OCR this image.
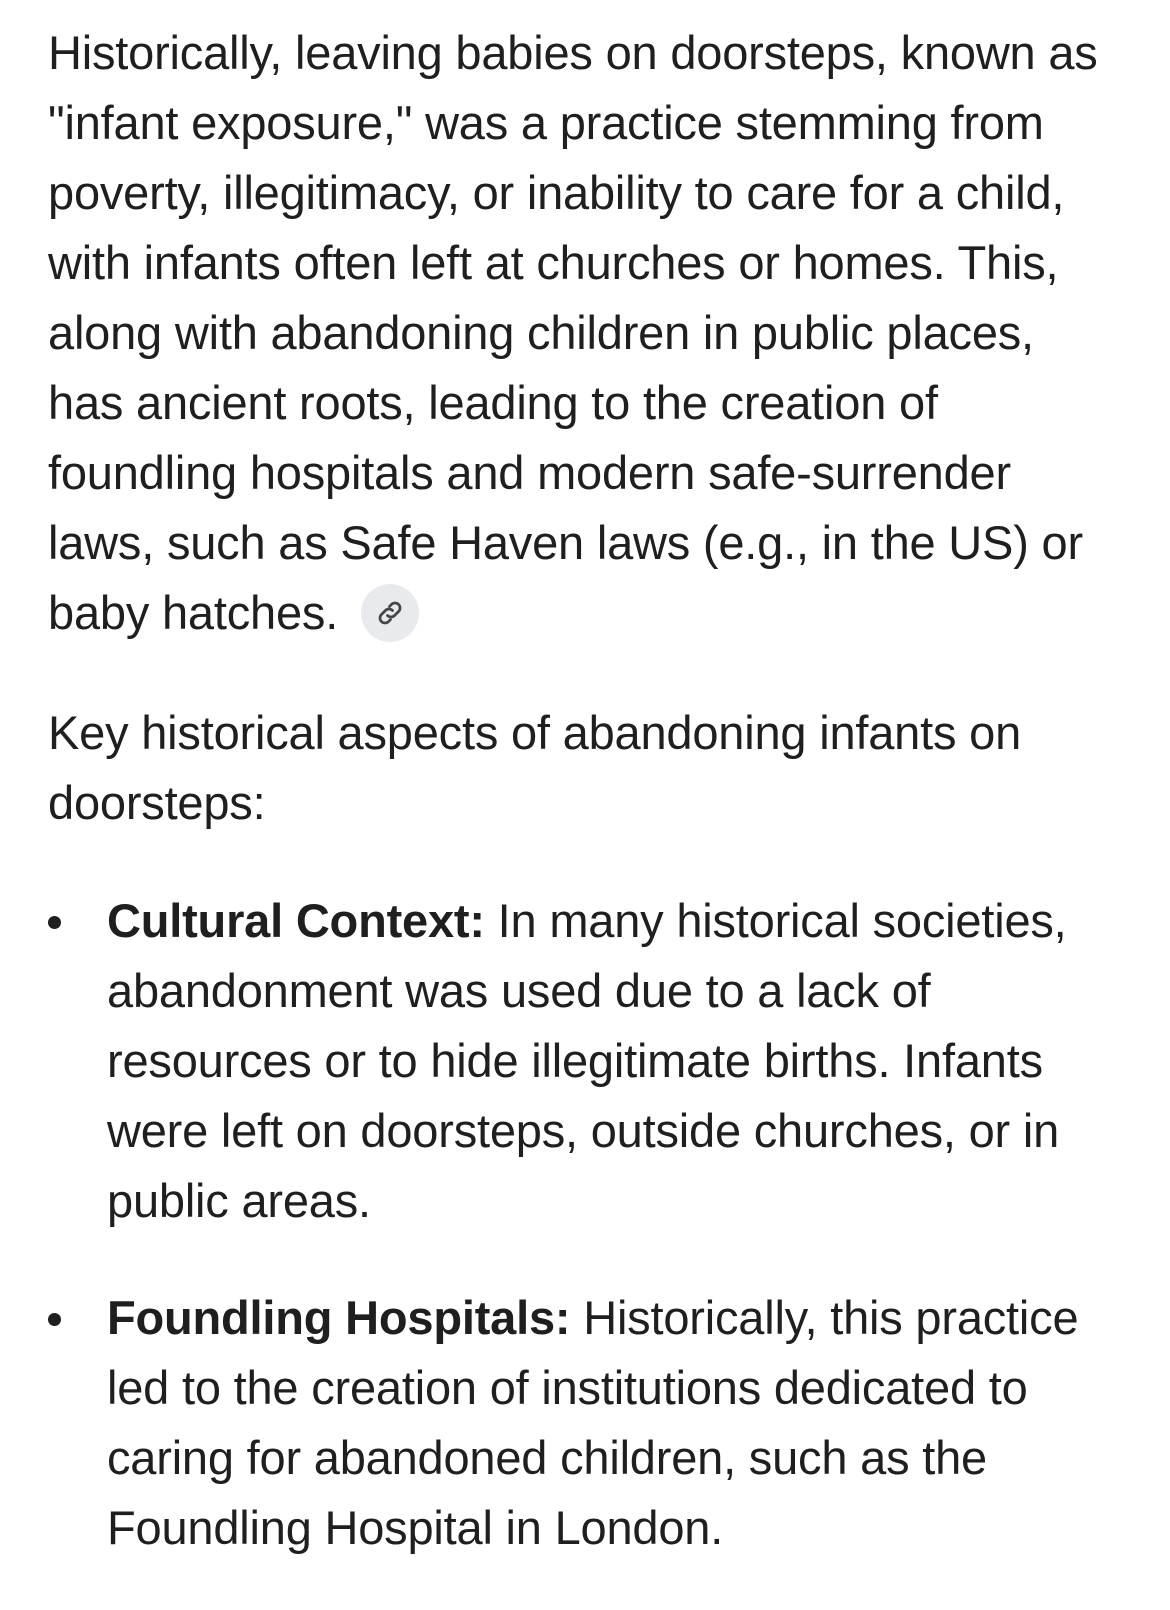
Historically, leaving babies on doorsteps, known as "infant exposure," was a practice stemming from poverty, illegitimacy, or inability to care for a child, with infants often left at churches or homes. This, along with abandoning children in public places, has ancient roots, leading to the creation of foundling hospitals and modern safe-surrender laws, such as Safe Haven laws (e.g., in the US) or baby hatches.

Key historical aspects of abandoning infants on doorsteps:

Cultural Context: In many historical societies, abandonment was used due to a lack of resources or to hide illegitimate births. Infants were left on doorsteps, outside churches, or in public areas.
Foundling Hospitals: Historically, this practice led to the creation of institutions dedicated to caring for abandoned children, such as the Foundling Hospital in London.
